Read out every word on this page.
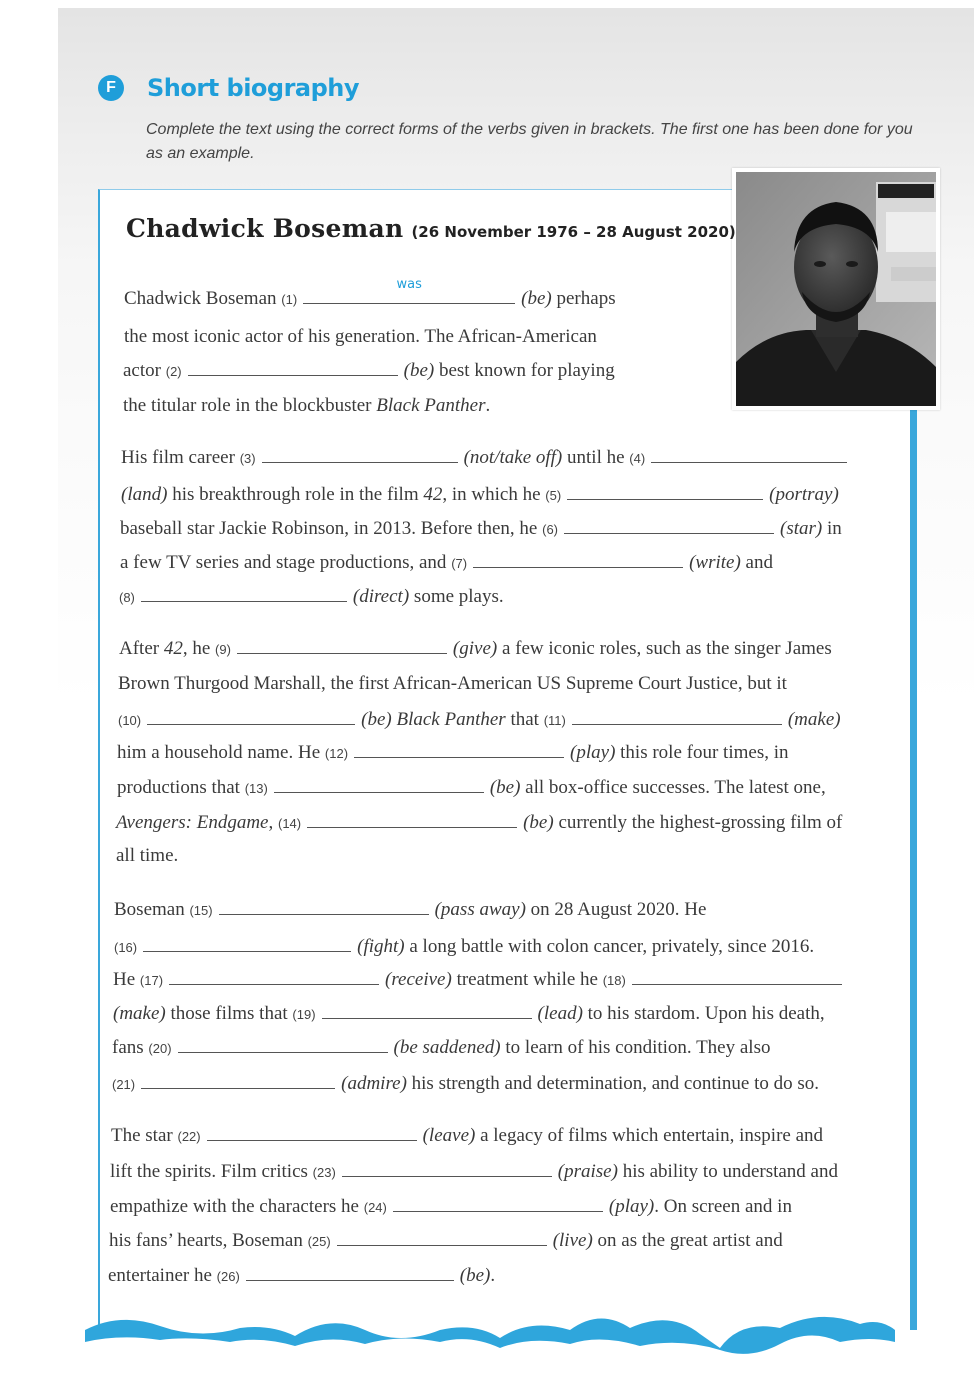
F	Short biography
Complete the text using the correct forms of the verbs given in brackets. The first one has been done for you as an example.
Chadwick Boseman (26 November 1976 – 28 August 2020)
Chadwick Boseman (1)
was
(be) perhaps
the most iconic actor of his generation. The African-American
actor (2)	(be) best known for playing
the titular role in the blockbuster Black Panther.
His film career (3)	(not/take off) until he (4)
(land) his breakthrough role in the film 42, in which he (5)	(portray)
baseball star Jackie Robinson, in 2013. Before then, he (6)	(star) in
a few TV series and stage productions, and (7)	(write) and
(8)	(direct) some plays.
After 42, he (9)	(give) a few iconic roles, such as the singer James
Brown Thurgood Marshall, the first African-American US Supreme Court Justice, but it
(10)	(be) Black Panther that (11)	(make)
him a household name. He (12)	(play) this role four times, in
productions that (13)	(be) all box-office successes. The latest one,
Avengers: Endgame, (14)	(be) currently the highest-grossing film of
all time.
Boseman (15)	(pass away) on 28 August 2020. He
(16)	(fight) a long battle with colon cancer, privately, since 2016.
He (17)	(receive) treatment while he (18)
(make) those films that (19)	(lead) to his stardom. Upon his death,
fans (20)	(be saddened) to learn of his condition. They also
(21)	(admire) his strength and determination, and continue to do so.
The star (22)	(leave) a legacy of films which entertain, inspire and
lift the spirits. Film critics (23)	(praise) his ability to understand and
empathize with the characters he (24)	(play). On screen and in
his fans’ hearts, Boseman (25)	(live) on as the great artist and
entertainer he (26)	(be).
